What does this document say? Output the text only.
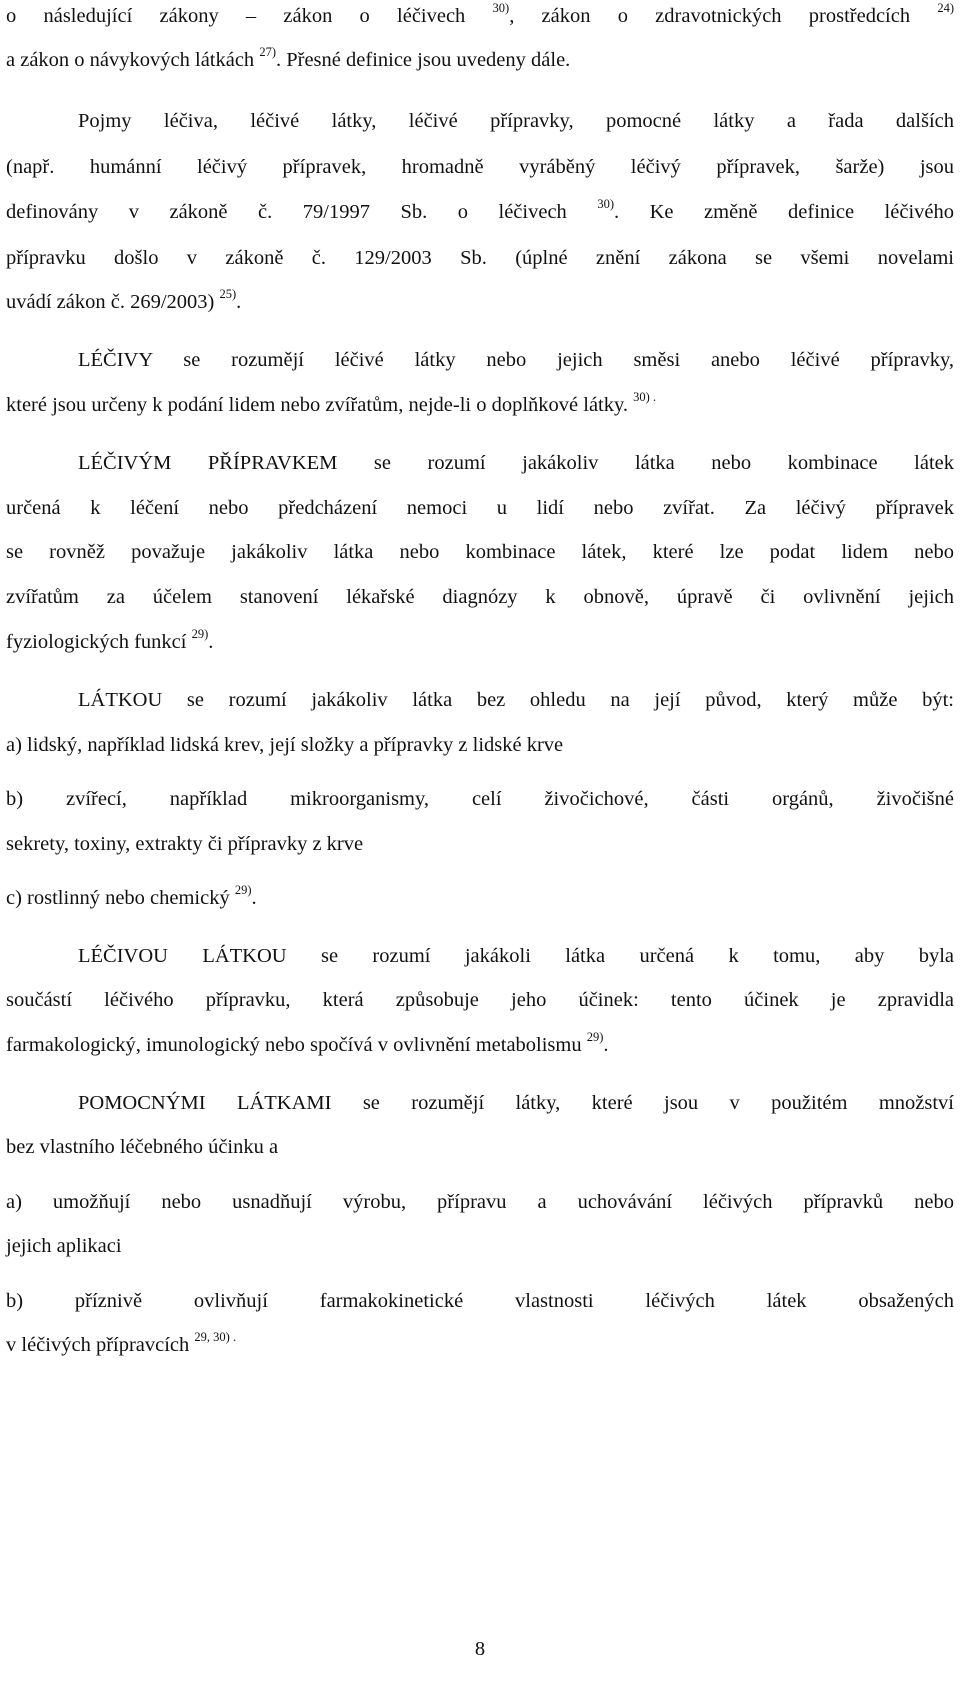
o následující zákony – zákon o léčivech $^{30)}$, zákon o zdravotnických prostředcích $^{24)}$
a zákon o návykových látkách $^{27)}$. Přesné definice jsou uvedeny dále.
Pojmy léčiva, léčivé látky, léčivé přípravky, pomocné látky a řada dalších
(např. humánní léčivý přípravek, hromadně vyráběný léčivý přípravek, šarže) jsou
definovány v zákoně č. 79/1997 Sb. o léčivech $^{30)}$. Ke změně definice léčivého
přípravku došlo v zákoně č. 129/2003 Sb. (úplné znění zákona se všemi novelami
uvádí zákon č. 269/2003) $^{25)}$.
LÉČIVY se rozumějí léčivé látky nebo jejich směsi anebo léčivé přípravky,
které jsou určeny k podání lidem nebo zvířatům, nejde-li o doplňkové látky. $^{30) .}$
LÉČIVÝM PŘÍPRAVKEM se rozumí jakákoliv látka nebo kombinace látek
určená k léčení nebo předcházení nemoci u lidí nebo zvířat. Za léčivý přípravek
se rovněž považuje jakákoliv látka nebo kombinace látek, které lze podat lidem nebo
zvířatům za účelem stanovení lékařské diagnózy k obnově, úpravě či ovlivnění jejich
fyziologických funkcí $^{29)}$.
LÁTKOU se rozumí jakákoliv látka bez ohledu na její původ, který může být:
a) lidský, například lidská krev, její složky a přípravky z lidské krve
b) zvířecí, například mikroorganismy, celí živočichové, části orgánů, živočišné
sekrety, toxiny, extrakty či přípravky z krve
c) rostlinný nebo chemický $^{29)}$.
LÉČIVOU LÁTKOU se rozumí jakákoli látka určená k tomu, aby byla
součástí léčivého přípravku, která způsobuje jeho účinek: tento účinek je zpravidla
farmakologický, imunologický nebo spočívá v ovlivnění metabolismu $^{29)}$.
POMOCNÝMI LÁTKAMI se rozumějí látky, které jsou v použitém množství
bez vlastního léčebného účinku a
a) umožňují nebo usnadňují výrobu, přípravu a uchovávání léčivých přípravků nebo
jejich aplikaci
b) příznivě ovlivňují farmakokinetické vlastnosti léčivých látek obsažených
v léčivých přípravcích $^{29, 30) .}$
8
